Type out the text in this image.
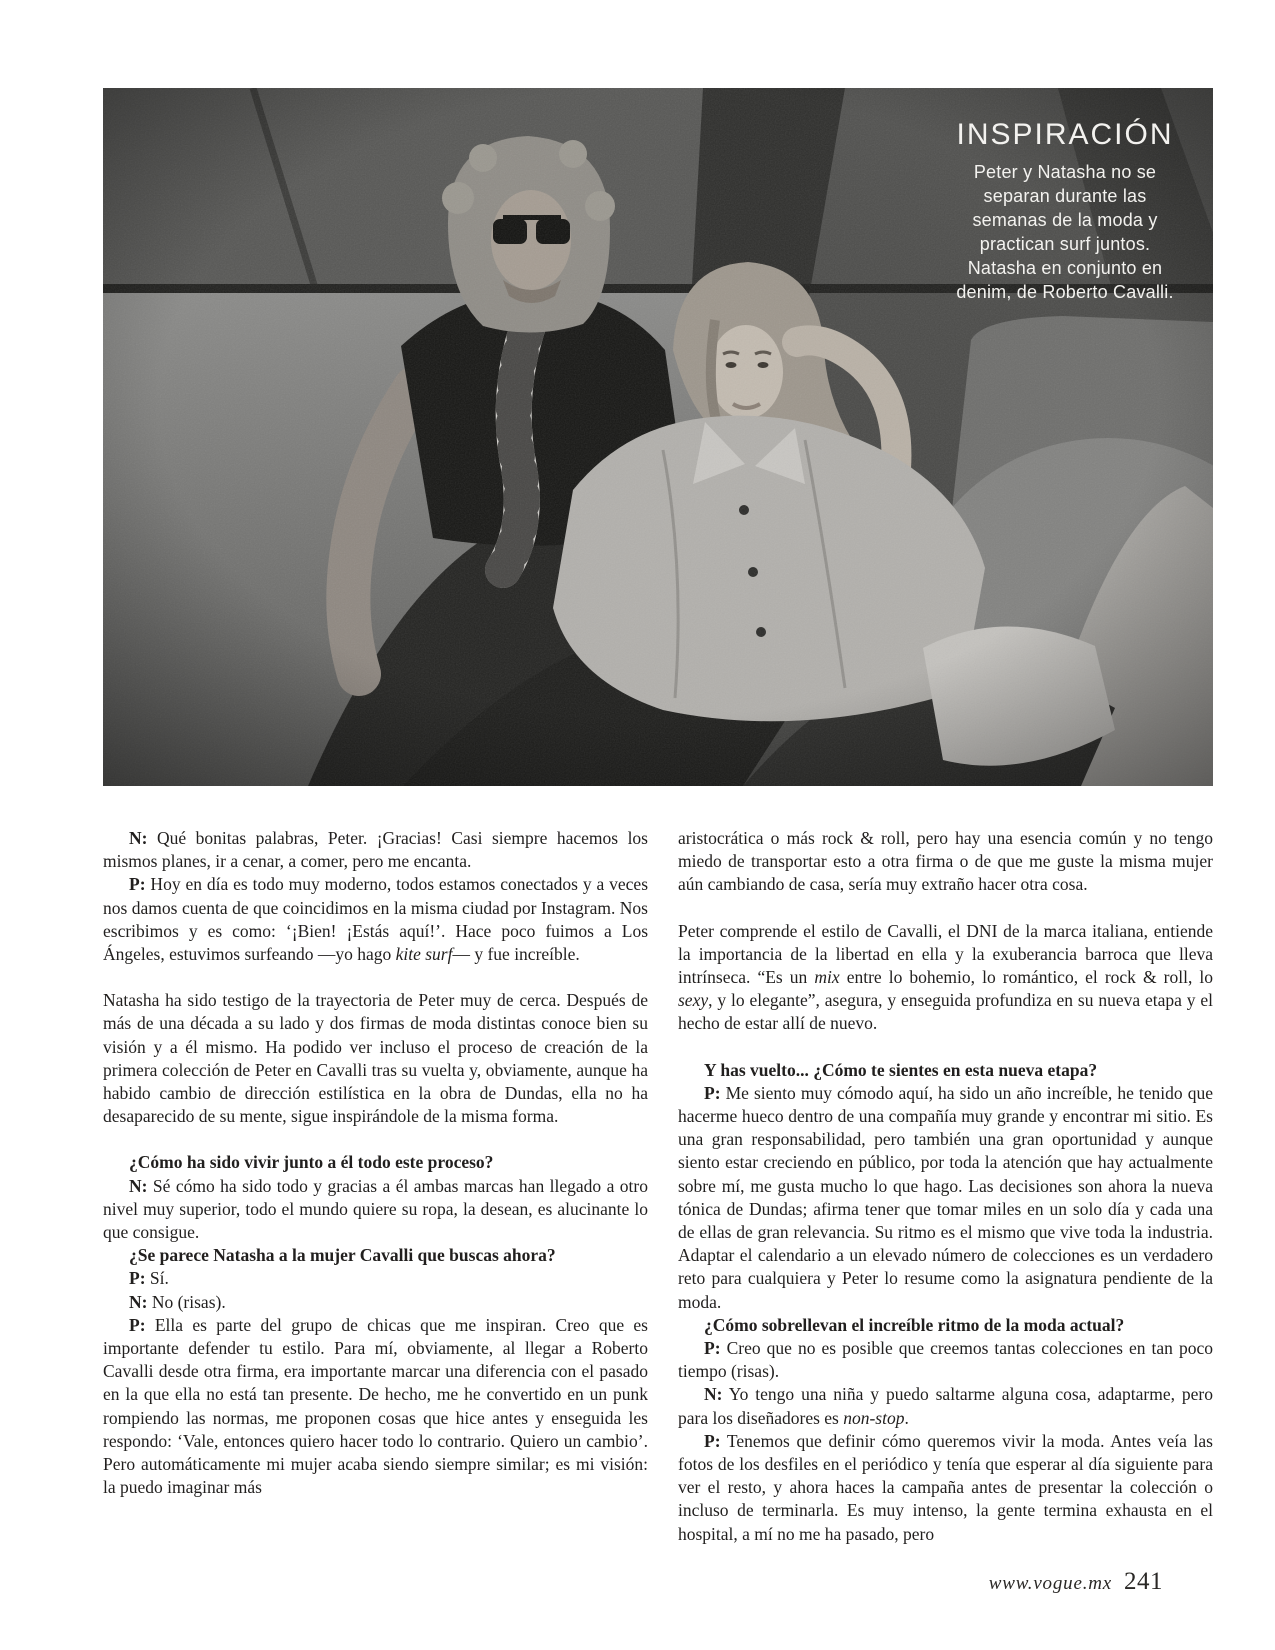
INSPIRACIÓN
Peter y Natasha no se
separan durante las
semanas de la moda y
practican surf juntos.
Natasha en conjunto en
denim, de Roberto Cavalli.

N: Qué bonitas palabras, Peter. ¡Gracias! Casi siempre hacemos los mismos planes, ir a cenar, a comer, pero me encanta.

P: Hoy en día es todo muy moderno, todos estamos conectados y a veces nos damos cuenta de que coincidimos en la misma ciudad por Instagram. Nos escribimos y es como: ‘¡Bien! ¡Estás aquí!’. Hace poco fuimos a Los Ángeles, estuvimos surfeando —yo hago kite surf— y fue increíble.

Natasha ha sido testigo de la trayectoria de Peter muy de cerca. Después de más de una década a su lado y dos firmas de moda distintas conoce bien su visión y a él mismo. Ha podido ver incluso el proceso de creación de la primera colección de Peter en Cavalli tras su vuelta y, obviamente, aunque ha habido cambio de dirección estilística en la obra de Dundas, ella no ha desaparecido de su mente, sigue inspirándole de la misma forma.

¿Cómo ha sido vivir junto a él todo este proceso?

N: Sé cómo ha sido todo y gracias a él ambas marcas han llegado a otro nivel muy superior, todo el mundo quiere su ropa, la desean, es alucinante lo que consigue.

¿Se parece Natasha a la mujer Cavalli que buscas ahora?

P: Sí.

N: No (risas).

P: Ella es parte del grupo de chicas que me inspiran. Creo que es importante defender tu estilo. Para mí, obviamente, al llegar a Roberto Cavalli desde otra firma, era importante marcar una diferencia con el pasado en la que ella no está tan presente. De hecho, me he convertido en un punk rompiendo las normas, me proponen cosas que hice antes y enseguida les respondo: ‘Vale, entonces quiero hacer todo lo contrario. Quiero un cambio’. Pero automáticamente mi mujer acaba siendo siempre similar; es mi visión: la puedo imaginar más

aristocrática o más rock & roll, pero hay una esencia común y no tengo miedo de transportar esto a otra firma o de que me guste la misma mujer aún cambiando de casa, sería muy extraño hacer otra cosa.

Peter comprende el estilo de Cavalli, el DNI de la marca italiana, entiende la importancia de la libertad en ella y la exuberancia barroca que lleva intrínseca. “Es un mix entre lo bohemio, lo romántico, el rock & roll, lo sexy, y lo elegante”, asegura, y enseguida profundiza en su nueva etapa y el hecho de estar allí de nuevo.

Y has vuelto... ¿Cómo te sientes en esta nueva etapa?

P: Me siento muy cómodo aquí, ha sido un año increíble, he tenido que hacerme hueco dentro de una compañía muy grande y encontrar mi sitio. Es una gran responsabilidad, pero también una gran oportunidad y aunque siento estar creciendo en público, por toda la atención que hay actualmente sobre mí, me gusta mucho lo que hago. Las decisiones son ahora la nueva tónica de Dundas; afirma tener que tomar miles en un solo día y cada una de ellas de gran relevancia. Su ritmo es el mismo que vive toda la industria. Adaptar el calendario a un elevado número de colecciones es un verdadero reto para cualquiera y Peter lo resume como la asignatura pendiente de la moda.

¿Cómo sobrellevan el increíble ritmo de la moda actual?

P: Creo que no es posible que creemos tantas colecciones en tan poco tiempo (risas).

N: Yo tengo una niña y puedo saltarme alguna cosa, adaptarme, pero para los diseñadores es non-stop.

P: Tenemos que definir cómo queremos vivir la moda. Antes veía las fotos de los desfiles en el periódico y tenía que esperar al día siguiente para ver el resto, y ahora haces la campaña antes de presentar la colección o incluso de terminarla. Es muy intenso, la gente termina exhausta en el hospital, a mí no me ha pasado, pero

www.vogue.mx 241
